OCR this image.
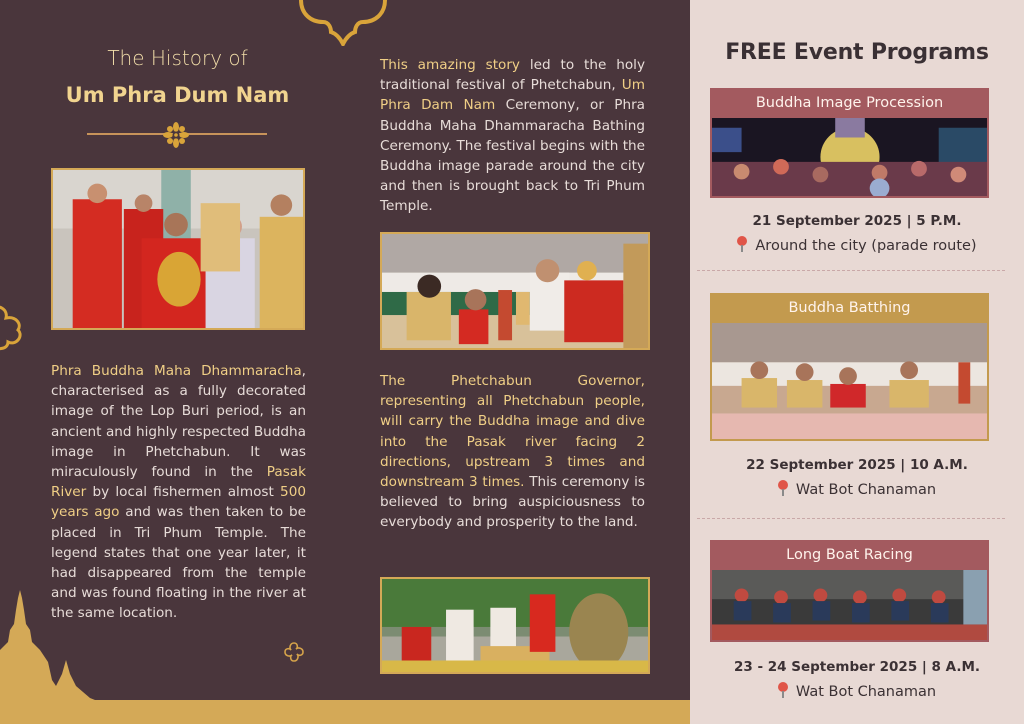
The History of
Um Phra Dum Nam
Phra Buddha Maha Dhammaracha, characterised as a fully decorated image of the Lop Buri period, is an ancient and highly respected Buddha image in Phetchabun. It was miraculously found in the Pasak River by local fishermen almost 500 years ago and was then taken to be placed in Tri Phum Temple. The legend states that one year later, it had disappeared from the temple and was found floating in the river at the same location.
This amazing story led to the holy traditional festival of Phetchabun, Um Phra Dam Nam Ceremony, or Phra Buddha Maha Dhammaracha Bathing Ceremony. The festival begins with the Buddha image parade around the city and then is brought back to Tri Phum Temple.
The Phetchabun Governor, representing all Phetchabun people, will carry the Buddha image and dive into the Pasak river facing 2 directions, upstream 3 times and downstream 3 times. This ceremony is believed to bring auspiciousness to everybody and prosperity to the land.
FREE Event Programs
Buddha Image Procession
21 September 2025 | 5 P.M.
Around the city (parade route)
Buddha Batthing
22 September 2025 | 10 A.M.
Wat Bot Chanaman
Long Boat Racing
23 - 24 September 2025 | 8 A.M.
Wat Bot Chanaman
